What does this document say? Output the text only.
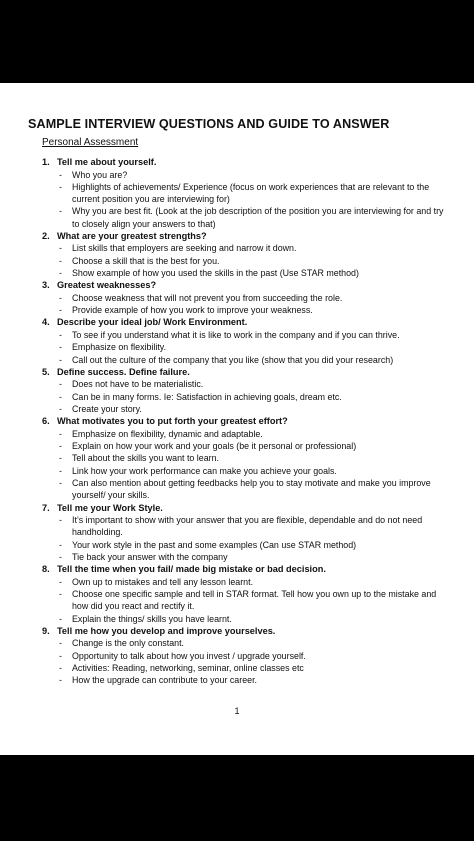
SAMPLE INTERVIEW QUESTIONS AND GUIDE TO ANSWER
Personal Assessment
1. Tell me about yourself.
- Who you are?
- Highlights of achievements/ Experience (focus on work experiences that are relevant to the current position you are interviewing for)
- Why you are best fit. (Look at the job description of the position you are interviewing for and try to closely align your answers to that)
2. What are your greatest strengths?
- List skills that employers are seeking and narrow it down.
- Choose a skill that is the best for you.
- Show example of how you used the skills in the past (Use STAR method)
3. Greatest weaknesses?
- Choose weakness that will not prevent you from succeeding the role.
- Provide example of how you work to improve your weakness.
4. Describe your ideal job/ Work Environment.
- To see if you understand what it is like to work in the company and if you can thrive.
- Emphasize on flexibility.
- Call out the culture of the company that you like (show that you did your research)
5. Define success. Define failure.
- Does not have to be materialistic.
- Can be in many forms. Ie: Satisfaction in achieving goals, dream etc.
- Create your story.
6. What motivates you to put forth your greatest effort?
- Emphasize on flexibility, dynamic and adaptable.
- Explain on how your work and your goals (be it personal or professional)
- Tell about the skills you want to learn.
- Link how your work performance can make you achieve your goals.
- Can also mention about getting feedbacks help you to stay motivate and make you improve yourself/ your skills.
7. Tell me your Work Style.
- It’s important to show with your answer that you are flexible, dependable and do not need handholding.
- Your work style in the past and some examples (Can use STAR method)
- Tie back your answer with the company
8. Tell the time when you fail/ made big mistake or bad decision.
- Own up to mistakes and tell any lesson learnt.
- Choose one specific sample and tell in STAR format. Tell how you own up to the mistake and how did you react and rectify it.
- Explain the things/ skills you have learnt.
9. Tell me how you develop and improve yourselves.
- Change is the only constant.
- Opportunity to talk about how you invest / upgrade yourself.
- Activities: Reading, networking, seminar, online classes etc
- How the upgrade can contribute to your career.
1
